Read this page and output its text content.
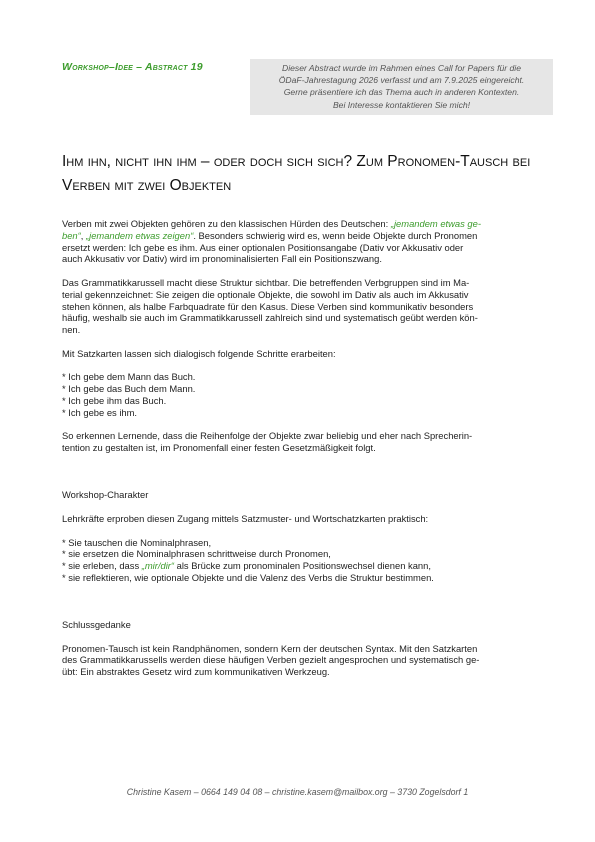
Workshop–Idee – Abstract 19	Dieser Abstract wurde im Rahmen eines Call for Papers für die
ÖDaF-Jahrestagung 2026 verfasst und am 7.9.2025 eingereicht.
Gerne präsentiere ich das Thema auch in anderen Kontexten.
Bei Interesse kontaktieren Sie mich!
Ihm ihn, nicht ihn ihm – oder doch sich sich? Zum Pronomen-Tausch bei
Verben mit zwei Objekten
Verben mit zwei Objekten gehören zu den klassischen Hürden des Deutschen: „jemandem etwas ge-
ben“, „jemandem etwas zeigen“. Besonders schwierig wird es, wenn beide Objekte durch Pronomen
ersetzt werden: Ich gebe es ihm. Aus einer optionalen Positionsangabe (Dativ vor Akkusativ oder
auch Akkusativ vor Dativ) wird im pronominalisierten Fall ein Positionszwang.
Das Grammatikkarussell macht diese Struktur sichtbar. Die betreffenden Verbgruppen sind im Ma-
terial gekennzeichnet: Sie zeigen die optionale Objekte, die sowohl im Dativ als auch im Akkusativ
stehen können, als halbe Farbquadrate für den Kasus. Diese Verben sind kommunikativ besonders
häufig, weshalb sie auch im Grammatikkarussell zahlreich sind und systematisch geübt werden kön-
nen.
Mit Satzkarten lassen sich dialogisch folgende Schritte erarbeiten:
* Ich gebe dem Mann das Buch.
* Ich gebe das Buch dem Mann.
* Ich gebe ihm das Buch.
* Ich gebe es ihm.
So erkennen Lernende, dass die Reihenfolge der Objekte zwar beliebig und eher nach Sprecherin-
tention zu gestalten ist, im Pronomenfall einer festen Gesetzmäßigkeit folgt.
Workshop-Charakter
Lehrkräfte erproben diesen Zugang mittels Satzmuster- und Wortschatzkarten praktisch:
* Sie tauschen die Nominalphrasen,
* sie ersetzen die Nominalphrasen schrittweise durch Pronomen,
* sie erleben, dass „mir/dir“ als Brücke zum pronominalen Positionswechsel dienen kann,
* sie reflektieren, wie optionale Objekte und die Valenz des Verbs die Struktur bestimmen.
Schlussgedanke
Pronomen-Tausch ist kein Randphänomen, sondern Kern der deutschen Syntax. Mit den Satzkarten
des Grammatikkarussells werden diese häufigen Verben gezielt angesprochen und systematisch ge-
übt: Ein abstraktes Gesetz wird zum kommunikativen Werkzeug.
Christine Kasem – 0664 149 04 08 – christine.kasem@mailbox.org – 3730 Zogelsdorf 1
